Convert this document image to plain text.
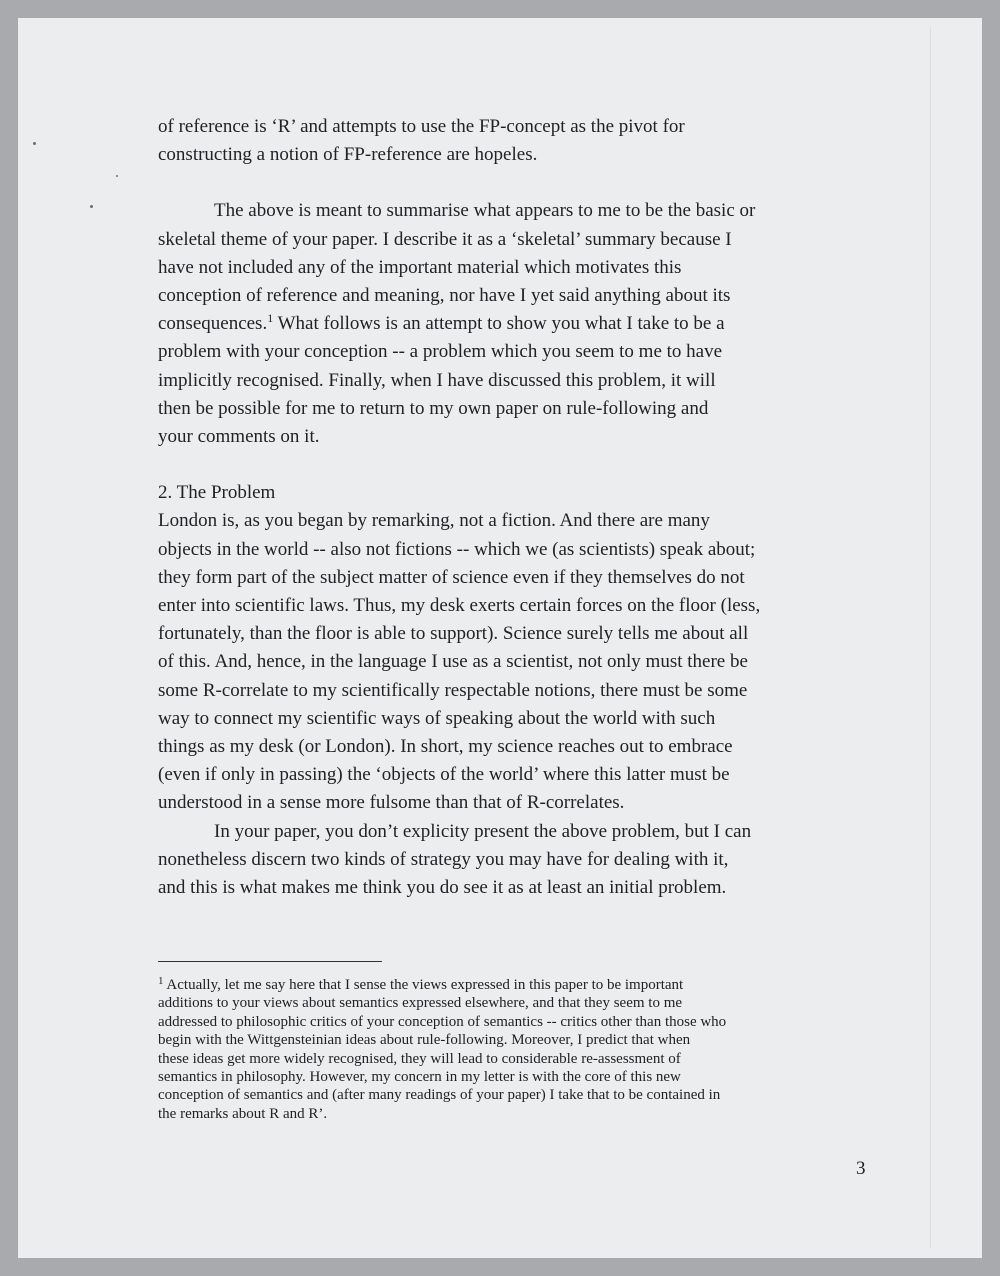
of reference is ‘R’ and attempts to use the FP-concept as the pivot for

constructing a notion of FP-reference are hopeles.

The above is meant to summarise what appears to me to be the basic or

skeletal theme of your paper. I describe it as a ‘skeletal’ summary because I

have not included any of the important material which motivates this

conception of reference and meaning, nor have I yet said anything about its

consequences.$^1$ What follows is an attempt to show you what I take to be a

problem with your conception -- a problem which you seem to me to have

implicitly recognised. Finally, when I have discussed this problem, it will

then be possible for me to return to my own paper on rule-following and

your comments on it.

2. The Problem

London is, as you began by remarking, not a fiction. And there are many

objects in the world -- also not fictions -- which we (as scientists) speak about;

they form part of the subject matter of science even if they themselves do not

enter into scientific laws. Thus, my desk exerts certain forces on the floor (less,

fortunately, than the floor is able to support). Science surely tells me about all

of this. And, hence, in the language I use as a scientist, not only must there be

some R-correlate to my scientifically respectable notions, there must be some

way to connect my scientific ways of speaking about the world with such

things as my desk (or London). In short, my science reaches out to embrace

(even if only in passing) the ‘objects of the world’ where this latter must be

understood in a sense more fulsome than that of R-correlates.

In your paper, you don’t explicity present the above problem, but I can

nonetheless discern two kinds of strategy you may have for dealing with it,

and this is what makes me think you do see it as at least an initial problem.

$^1$ Actually, let me say here that I sense the views expressed in this paper to be important

additions to your views about semantics expressed elsewhere, and that they seem to me

addressed to philosophic critics of your conception of semantics -- critics other than those who

begin with the Wittgensteinian ideas about rule-following. Moreover, I predict that when

these ideas get more widely recognised, they will lead to considerable re-assessment of

semantics in philosophy. However, my concern in my letter is with the core of this new

conception of semantics and (after many readings of your paper) I take that to be contained in

the remarks about R and R’.

3
